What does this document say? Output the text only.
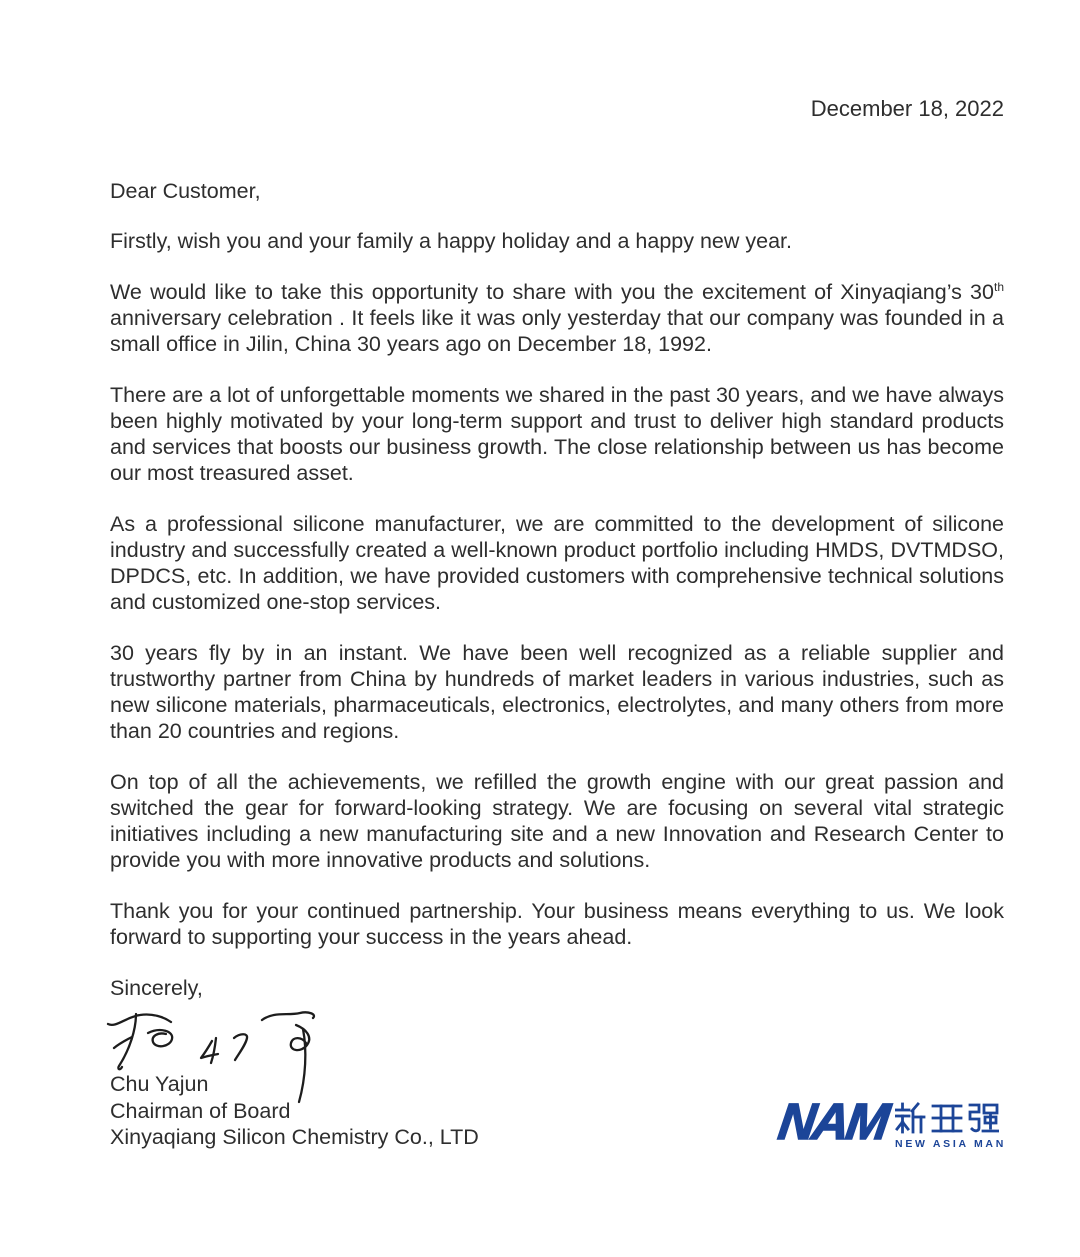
December 18, 2022
Dear Customer,

Firstly, wish you and your family a happy holiday and a happy new year.

We would like to take this opportunity to share with you the excitement of Xinyaqiang’s 30th anniversary celebration . It feels like it was only yesterday that our company was founded in a small office in Jilin, China 30 years ago on December 18, 1992.

There are a lot of unforgettable moments we shared in the past 30 years, and we have always been highly motivated by your long-term support and trust to deliver high standard products and services that boosts our business growth. The close relationship between us has become our most treasured asset.

As a professional silicone manufacturer, we are committed to the development of silicone industry and successfully created a well-known product portfolio including HMDS, DVTMDSO, DPDCS, etc. In addition, we have provided customers with comprehensive technical solutions and customized one-stop services.

30 years fly by in an instant. We have been well recognized as a reliable supplier and trustworthy partner from China by hundreds of market leaders in various industries, such as new silicone materials, pharmaceuticals, electronics, electrolytes, and many others from more than 20 countries and regions.

On top of all the achievements, we refilled the growth engine with our great passion and switched the gear for forward-looking strategy. We are focusing on several vital strategic initiatives including a new manufacturing site and a new Innovation and Research Center to provide you with more innovative products and solutions.

Thank you for your continued partnership. Your business means everything to us. We look forward to supporting your success in the years ahead.

Sincerely,
Chu Yajun
Chairman of Board
Xinyaqiang Silicon Chemistry Co., LTD	NAM NEW ASIA MAN
